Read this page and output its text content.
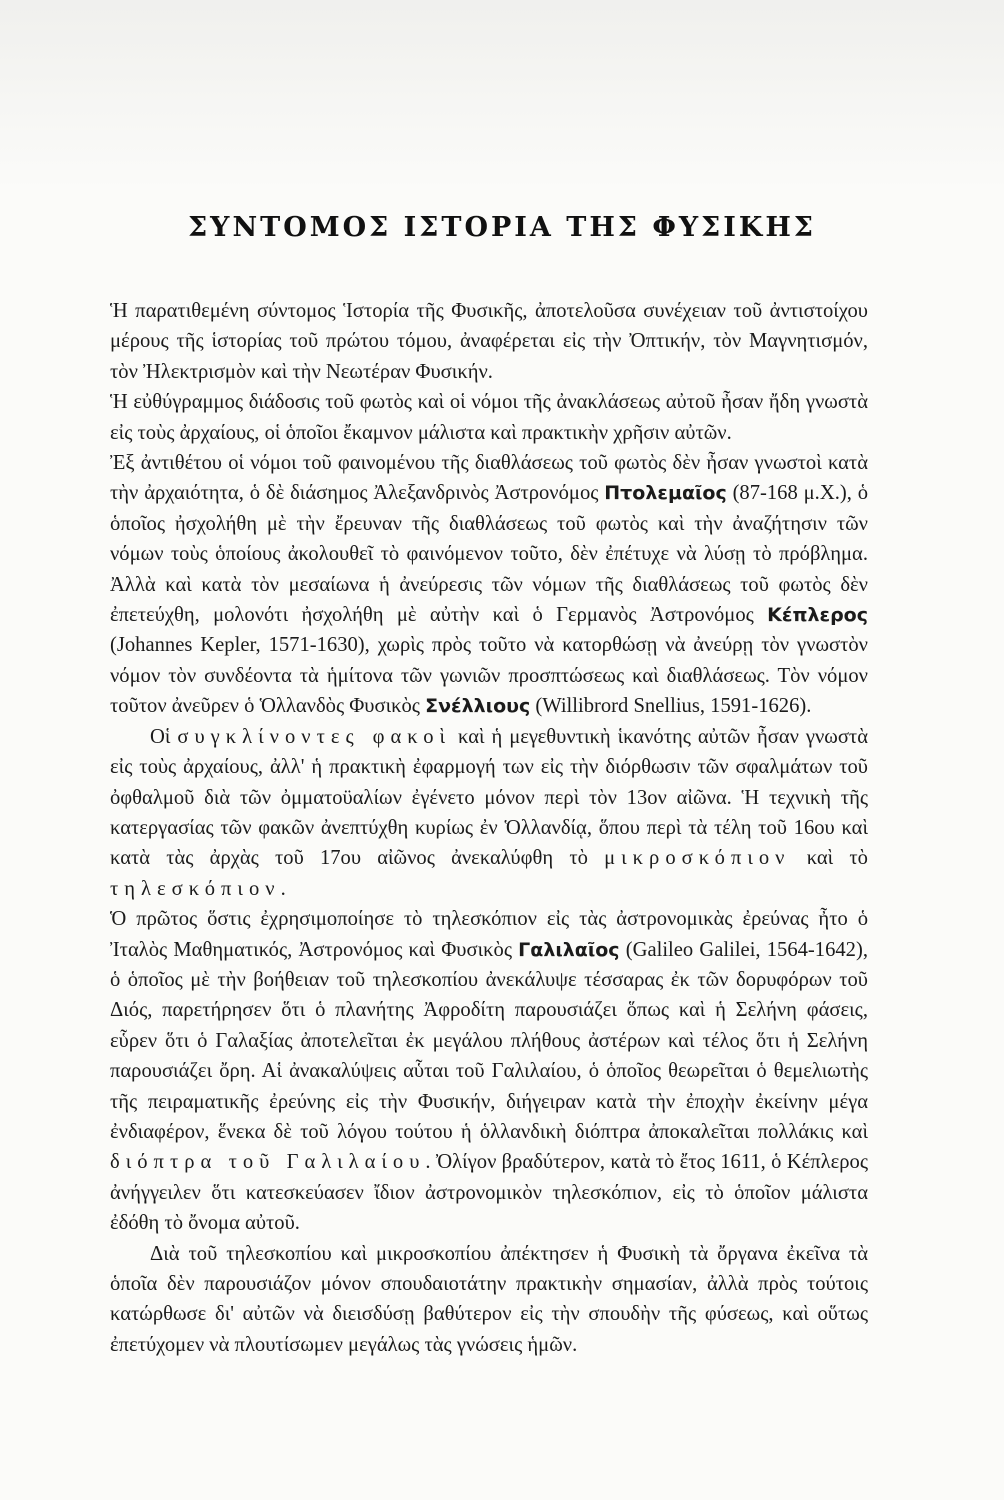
ΣΥΝΤΟΜΟΣ ΙΣΤΟΡΙΑ ΤΗΣ ΦΥΣΙΚΗΣ

Ἡ παρατιθεμένη σύντομος Ἱστορία τῆς Φυσικῆς, ἀποτελοῦσα συνέχειαν τοῦ ἀντιστοίχου μέρους τῆς ἱστορίας τοῦ πρώτου τόμου, ἀναφέρεται εἰς τὴν Ὀπτικήν, τὸν Μαγνητισμόν, τὸν Ἠλεκτρισμὸν καὶ τὴν Νεωτέραν Φυσικήν.

Ἡ εὐθύγραμμος διάδοσις τοῦ φωτὸς καὶ οἱ νόμοι τῆς ἀνακλάσεως αὐτοῦ ἦσαν ἤδη γνωστὰ εἰς τοὺς ἀρχαίους, οἱ ὁποῖοι ἔκαμνον μάλιστα καὶ πρακτικὴν χρῆσιν αὐτῶν.

Ἐξ ἀντιθέτου οἱ νόμοι τοῦ φαινομένου τῆς διαθλάσεως τοῦ φωτὸς δὲν ἦσαν γνωστοὶ κατὰ τὴν ἀρχαιότητα, ὁ δὲ διάσημος Ἀλεξανδρινὸς Ἀστρονόμος Πτολεμαῖος (87-168 μ.Χ.), ὁ ὁποῖος ἠσχολήθη μὲ τὴν ἔρευναν τῆς διαθλάσεως τοῦ φωτὸς καὶ τὴν ἀναζήτησιν τῶν νόμων τοὺς ὁποίους ἀκολουθεῖ τὸ φαινόμενον τοῦτο, δὲν ἐπέτυχε νὰ λύσῃ τὸ πρόβλημα. Ἀλλὰ καὶ κατὰ τὸν μεσαίωνα ἡ ἀνεύρεσις τῶν νόμων τῆς διαθλάσεως τοῦ φωτὸς δὲν ἐπετεύχθη, μολονότι ἠσχολήθη μὲ αὐτὴν καὶ ὁ Γερμανὸς Ἀστρονόμος Κέπλερος (Johannes Kepler, 1571-1630), χωρὶς πρὸς τοῦτο νὰ κατορθώσῃ νὰ ἀνεύρῃ τὸν γνωστὸν νόμον τὸν συνδέοντα τὰ ἡμίτονα τῶν γωνιῶν προσπτώσεως καὶ διαθλάσεως. Τὸν νόμον τοῦτον ἀνεῦρεν ὁ Ὁλλανδὸς Φυσικὸς Σνέλλιους (Willibrord Snellius, 1591-1626).

Οἱ συγκλίνοντες φακοὶ καὶ ἡ μεγεθυντικὴ ἱκανότης αὐτῶν ἦσαν γνωστὰ εἰς τοὺς ἀρχαίους, ἀλλ' ἡ πρακτικὴ ἐφαρμογή των εἰς τὴν διόρθωσιν τῶν σφαλμάτων τοῦ ὀφθαλμοῦ διὰ τῶν ὀμματοϋαλίων ἐγένετο μόνον περὶ τὸν 13ον αἰῶνα. Ἡ τεχνικὴ τῆς κατεργασίας τῶν φακῶν ἀνεπτύχθη κυρίως ἐν Ὁλλανδίᾳ, ὅπου περὶ τὰ τέλη τοῦ 16ου καὶ κατὰ τὰς ἀρχὰς τοῦ 17ου αἰῶνος ἀνεκαλύφθη τὸ μικροσκόπιον καὶ τὸ τηλεσκόπιον.

Ὁ πρῶτος ὅστις ἐχρησιμοποίησε τὸ τηλεσκόπιον εἰς τὰς ἀστρονομικὰς ἐρεύνας ἦτο ὁ Ἰταλὸς Μαθηματικός, Ἀστρονόμος καὶ Φυσικὸς Γαλιλαῖος (Galileo Galilei, 1564-1642), ὁ ὁποῖος μὲ τὴν βοήθειαν τοῦ τηλεσκοπίου ἀνεκάλυψε τέσσαρας ἐκ τῶν δορυφόρων τοῦ Διός, παρετήρησεν ὅτι ὁ πλανήτης Ἀφροδίτη παρουσιάζει ὅπως καὶ ἡ Σελήνη φάσεις, εὗρεν ὅτι ὁ Γαλαξίας ἀποτελεῖται ἐκ μεγάλου πλήθους ἀστέρων καὶ τέλος ὅτι ἡ Σελήνη παρουσιάζει ὄρη. Αἱ ἀνακαλύψεις αὗται τοῦ Γαλιλαίου, ὁ ὁποῖος θεωρεῖται ὁ θεμελιωτὴς τῆς πειραματικῆς ἐρεύνης εἰς τὴν Φυσικήν, διήγειραν κατὰ τὴν ἐποχὴν ἐκείνην μέγα ἐνδιαφέρον, ἕνεκα δὲ τοῦ λόγου τούτου ἡ ὁλλανδικὴ διόπτρα ἀποκαλεῖται πολλάκις καὶ διόπτρα τοῦ Γαλιλαίου. Ὀλίγον βραδύτερον, κατὰ τὸ ἔτος 1611, ὁ Κέπλερος ἀνήγγειλεν ὅτι κατεσκεύασεν ἴδιον ἀστρονομικὸν τηλεσκόπιον, εἰς τὸ ὁποῖον μάλιστα ἐδόθη τὸ ὄνομα αὐτοῦ.

Διὰ τοῦ τηλεσκοπίου καὶ μικροσκοπίου ἀπέκτησεν ἡ Φυσικὴ τὰ ὄργανα ἐκεῖνα τὰ ὁποῖα δὲν παρουσιάζον μόνον σπουδαιοτάτην πρακτικὴν σημασίαν, ἀλλὰ πρὸς τούτοις κατώρθωσε δι' αὐτῶν νὰ διεισδύσῃ βαθύτερον εἰς τὴν σπουδὴν τῆς φύσεως, καὶ οὕτως ἐπετύχομεν νὰ πλουτίσωμεν μεγάλως τὰς γνώσεις ἡμῶν.
